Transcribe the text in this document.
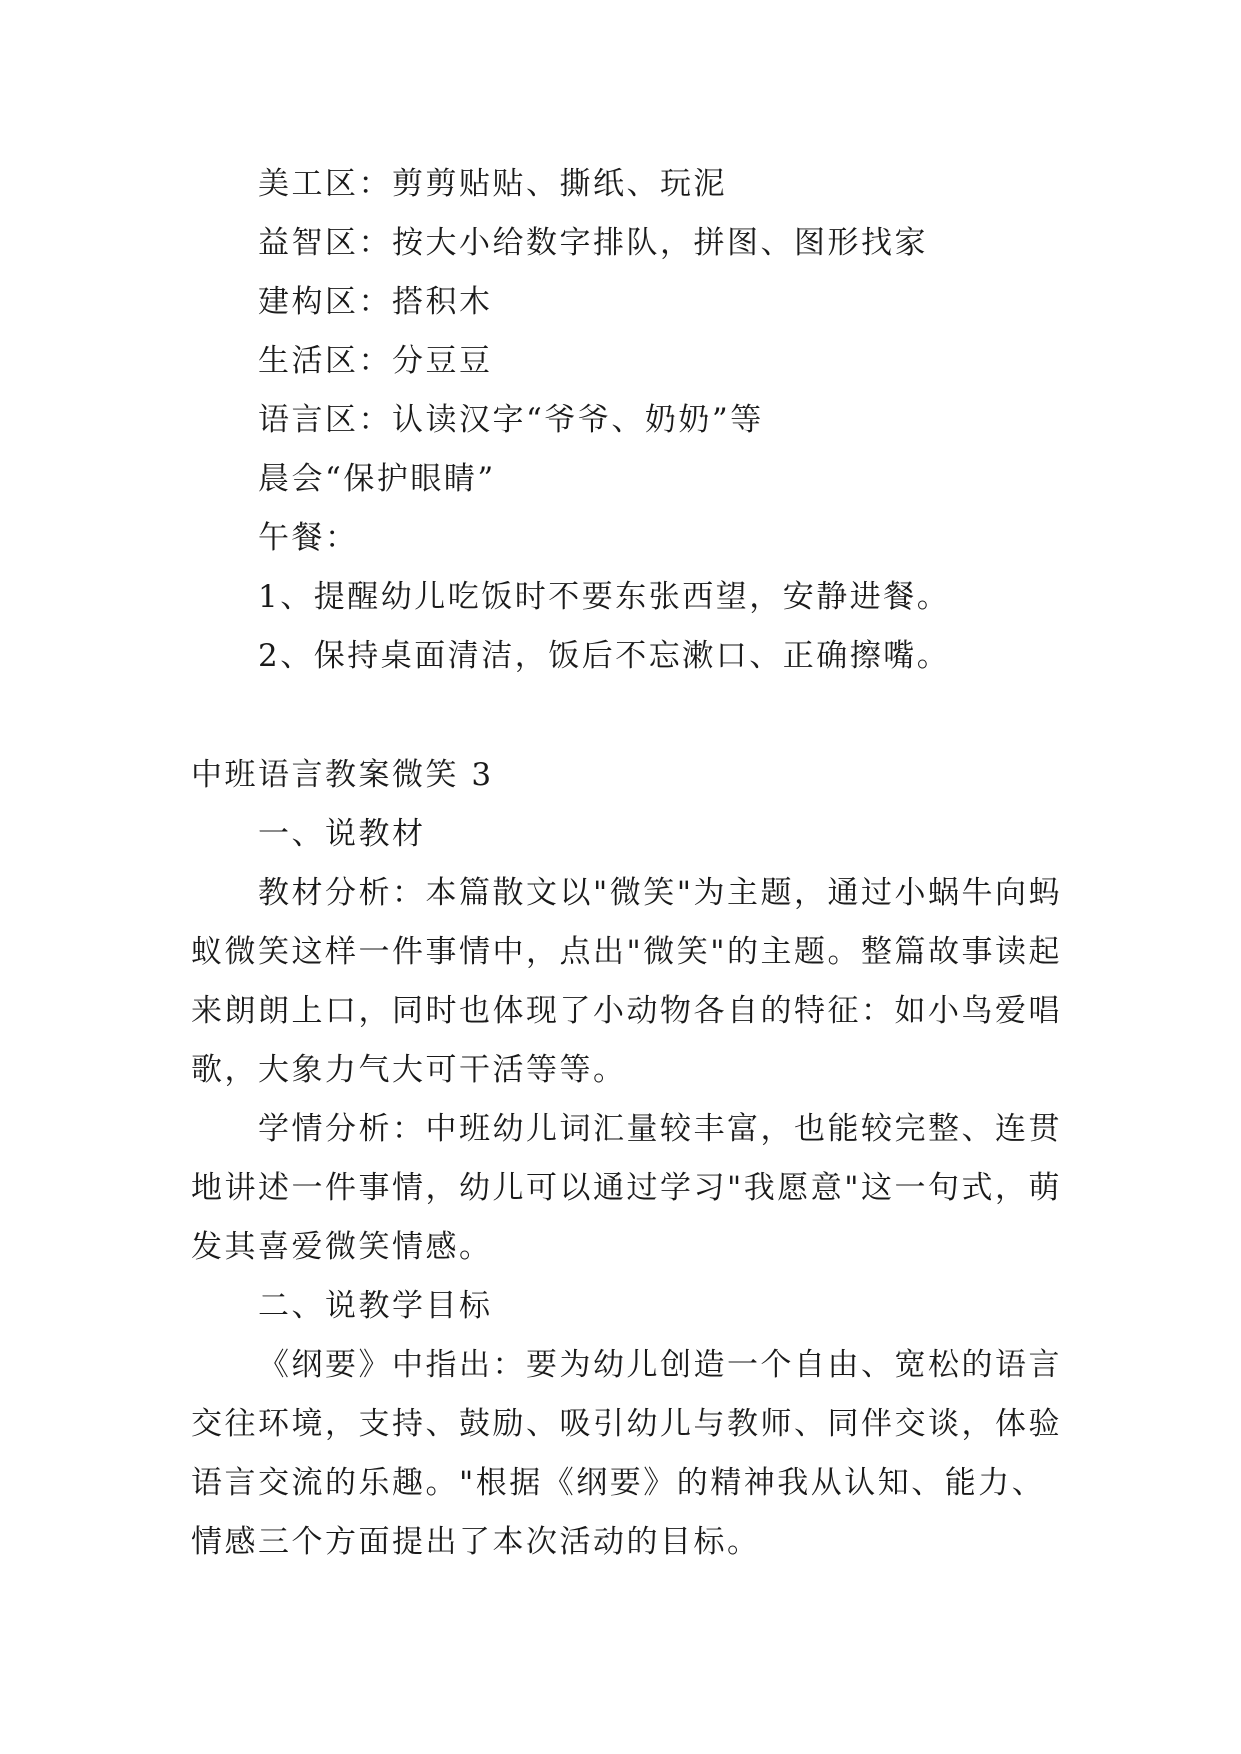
美工区：剪剪贴贴、撕纸、玩泥
益智区：按大小给数字排队，拼图、图形找家
建构区：搭积木
生活区：分豆豆
语言区：认读汉字“爷爷、奶奶”等
晨会“保护眼睛”
午餐：
1、提醒幼儿吃饭时不要东张西望，安静进餐。
2、保持桌面清洁，饭后不忘漱口、正确擦嘴。
中班语言教案微笑 3
一、说教材
教材分析：本篇散文以"微笑"为主题，通过小蜗牛向蚂
蚁微笑这样一件事情中，点出"微笑"的主题。整篇故事读起
来朗朗上口，同时也体现了小动物各自的特征：如小鸟爱唱
歌，大象力气大可干活等等。
学情分析：中班幼儿词汇量较丰富，也能较完整、连贯
地讲述一件事情，幼儿可以通过学习"我愿意"这一句式，萌
发其喜爱微笑情感。
二、说教学目标
《纲要》中指出：要为幼儿创造一个自由、宽松的语言
交往环境，支持、鼓励、吸引幼儿与教师、同伴交谈，体验
语言交流的乐趣。"根据《纲要》的精神我从认知、能力、
情感三个方面提出了本次活动的目标。
